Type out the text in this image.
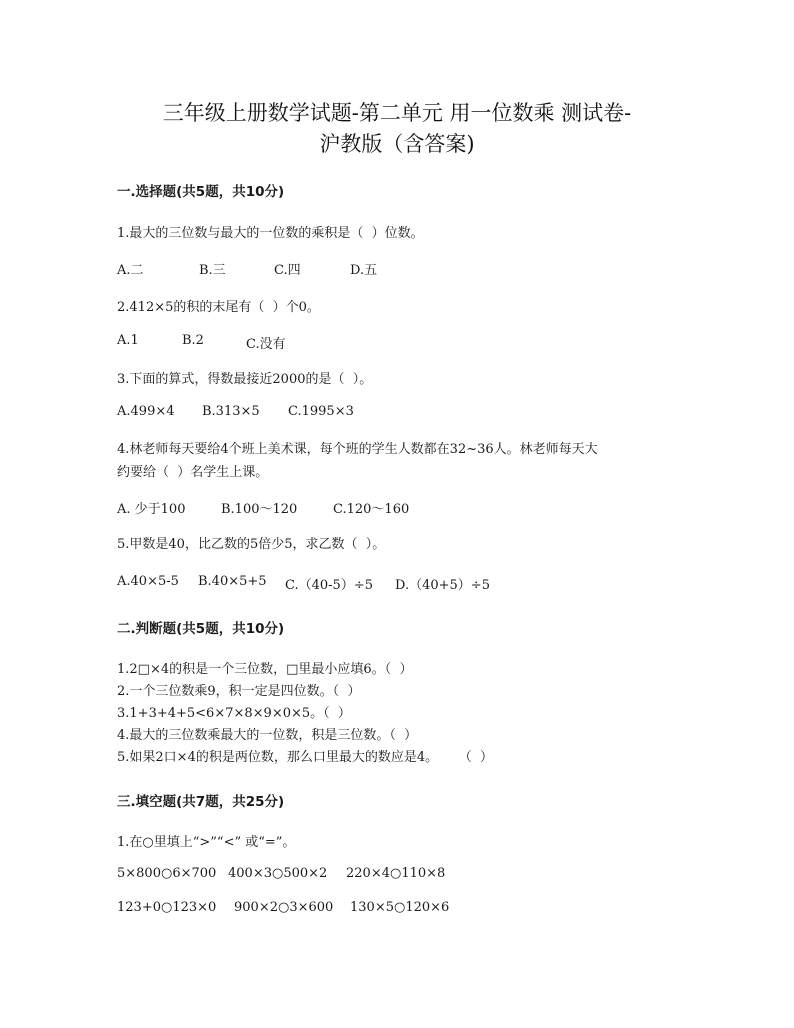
三年级上册数学试题-第二单元 用一位数乘 测试卷-
沪教版（含答案)
一.选择题(共5题，共10分)
1.最大的三位数与最大的一位数的乘积是（  ）位数。
A.二	B.三	C.四	D.五
2.412×5的积的末尾有（  ）个0。
A.1	B.2	C.没有
3.下面的算式，得数最接近2000的是（  ）。
A.499×4	B.313×5	C.1995×3
4.林老师每天要给4个班上美术课，每个班的学生人数都在32~36人。林老师每天大
约要给（  ）名学生上课。
A. 少于100	B.100～120	C.120～160
5.甲数是40，比乙数的5倍少5，求乙数（  ）。
A.40×5-5	B.40×5+5	C.（40-5）÷5	D.（40+5）÷5
二.判断题(共5题，共10分)
1.2□×4的积是一个三位数，□里最小应填6。（  ）
2.一个三位数乘9，积一定是四位数。（  ）
3.1+3+4+5<6×7×8×9×0×5。（  ）
4.最大的三位数乘最大的一位数，积是三位数。（  ）
5.如果2口×4的积是两位数，那么口里最大的数应是4。     （  ）
三.填空题(共7题，共25分)
1.在○里填上“>”“<” 或“=”。
5×800○6×700 400×3○500×2	220×4○110×8
123+0○123×0	900×2○3×600	130×5○120×6
